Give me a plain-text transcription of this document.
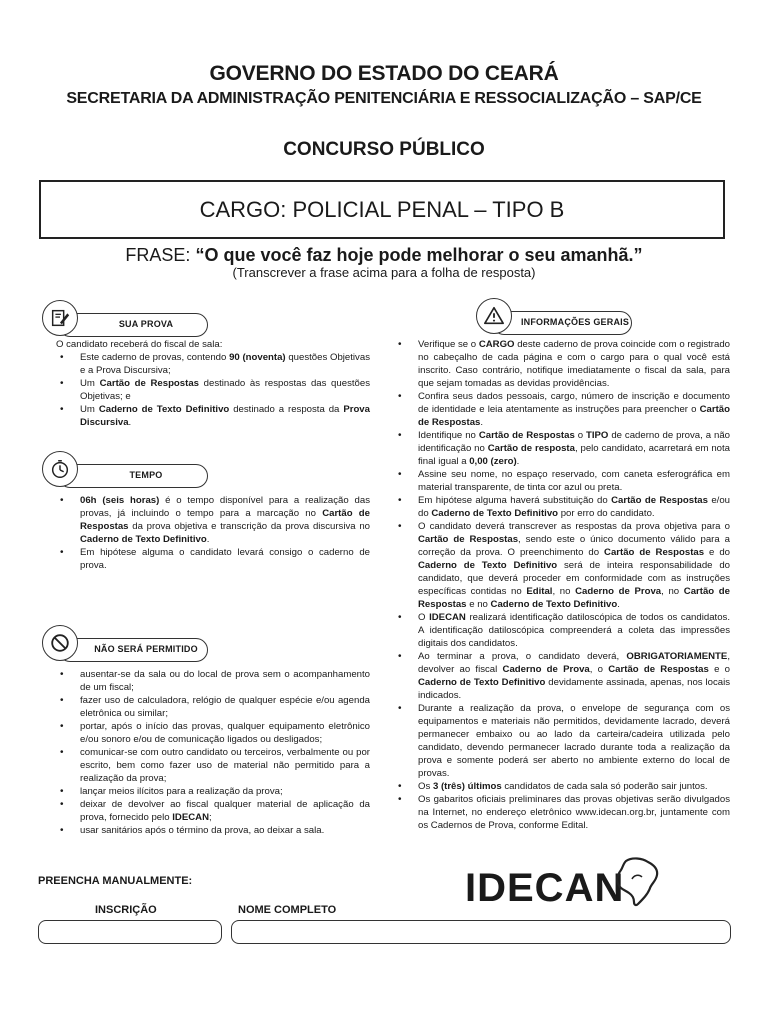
GOVERNO DO ESTADO DO CEARÁ
SECRETARIA DA ADMINISTRAÇÃO PENITENCIÁRIA E RESSOCIALIZAÇÃO – SAP/CE
CONCURSO PÚBLICO
CARGO: POLICIAL PENAL – TIPO B
FRASE: “O que você faz hoje pode melhorar o seu amanhã.”
(Transcrever a frase acima para a folha de resposta)
SUA PROVA

O candidato receberá do fiscal de sala:

• Este caderno de provas, contendo 90 (noventa) questões Objetivas e a Prova Discursiva;
• Um Cartão de Respostas destinado às respostas das questões Objetivas; e
• Um Caderno de Texto Definitivo destinado a resposta da Prova Discursiva.
TEMPO
• 06h (seis horas) é o tempo disponível para a realização das provas, já incluindo o tempo para a marcação no Cartão de Respostas da prova objetiva e transcrição da prova discursiva no Caderno de Texto Definitivo.
• Em hipótese alguma o candidato levará consigo o caderno de prova.
NÃO SERÁ PERMITIDO
• ausentar-se da sala ou do local de prova sem o acompanhamento de um fiscal;
• fazer uso de calculadora, relógio de qualquer espécie e/ou agenda eletrônica ou similar;
• portar, após o início das provas, qualquer equipamento eletrônico e/ou sonoro e/ou de comunicação ligados ou desligados;
• comunicar-se com outro candidato ou terceiros, verbalmente ou por escrito, bem como fazer uso de material não permitido para a realização da prova;
• lançar meios ilícitos para a realização da prova;
• deixar de devolver ao fiscal qualquer material de aplicação da prova, fornecido pelo IDECAN;
• usar sanitários após o término da prova, ao deixar a sala.
INFORMAÇÕES GERAIS
• Verifique se o CARGO deste caderno de prova coincide com o registrado no cabeçalho de cada página e com o cargo para o qual você está inscrito. Caso contrário, notifique imediatamente o fiscal da sala, para que sejam tomadas as devidas providências.
• Confira seus dados pessoais, cargo, número de inscrição e documento de identidade e leia atentamente as instruções para preencher o Cartão de Respostas.
• Identifique no Cartão de Respostas o TIPO de caderno de prova, a não identificação no Cartão de resposta, pelo candidato, acarretará em nota final igual a 0,00 (zero).
• Assine seu nome, no espaço reservado, com caneta esferográfica em material transparente, de tinta cor azul ou preta.
• Em hipótese alguma haverá substituição do Cartão de Respostas e/ou do Caderno de Texto Definitivo por erro do candidato.
• O candidato deverá transcrever as respostas da prova objetiva para o Cartão de Respostas, sendo este o único documento válido para a correção da prova. O preenchimento do Cartão de Respostas e do Caderno de Texto Definitivo será de inteira responsabilidade do candidato, que deverá proceder em conformidade com as instruções específicas contidas no Edital, no Caderno de Prova, no Cartão de Respostas e no Caderno de Texto Definitivo.
• O IDECAN realizará identificação datiloscópica de todos os candidatos. A identificação datiloscópica compreenderá a coleta das impressões digitais dos candidatos.
• Ao terminar a prova, o candidato deverá, OBRIGATORIAMENTE, devolver ao fiscal Caderno de Prova, o Cartão de Respostas e o Caderno de Texto Definitivo devidamente assinada, apenas, nos locais indicados.
• Durante a realização da prova, o envelope de segurança com os equipamentos e materiais não permitidos, devidamente lacrado, deverá permanecer embaixo ou ao lado da carteira/cadeira utilizada pelo candidato, devendo permanecer lacrado durante toda a realização da prova e somente poderá ser aberto no ambiente externo do local de provas.
• Os 3 (três) últimos candidatos de cada sala só poderão sair juntos.
• Os gabaritos oficiais preliminares das provas objetivas serão divulgados na Internet, no endereço eletrônico www.idecan.org.br, juntamente com os Cadernos de Prova, conforme Edital.
PREENCHA MANUALMENTE:
INSCRIÇÃO	NOME COMPLETO	IDECAN
